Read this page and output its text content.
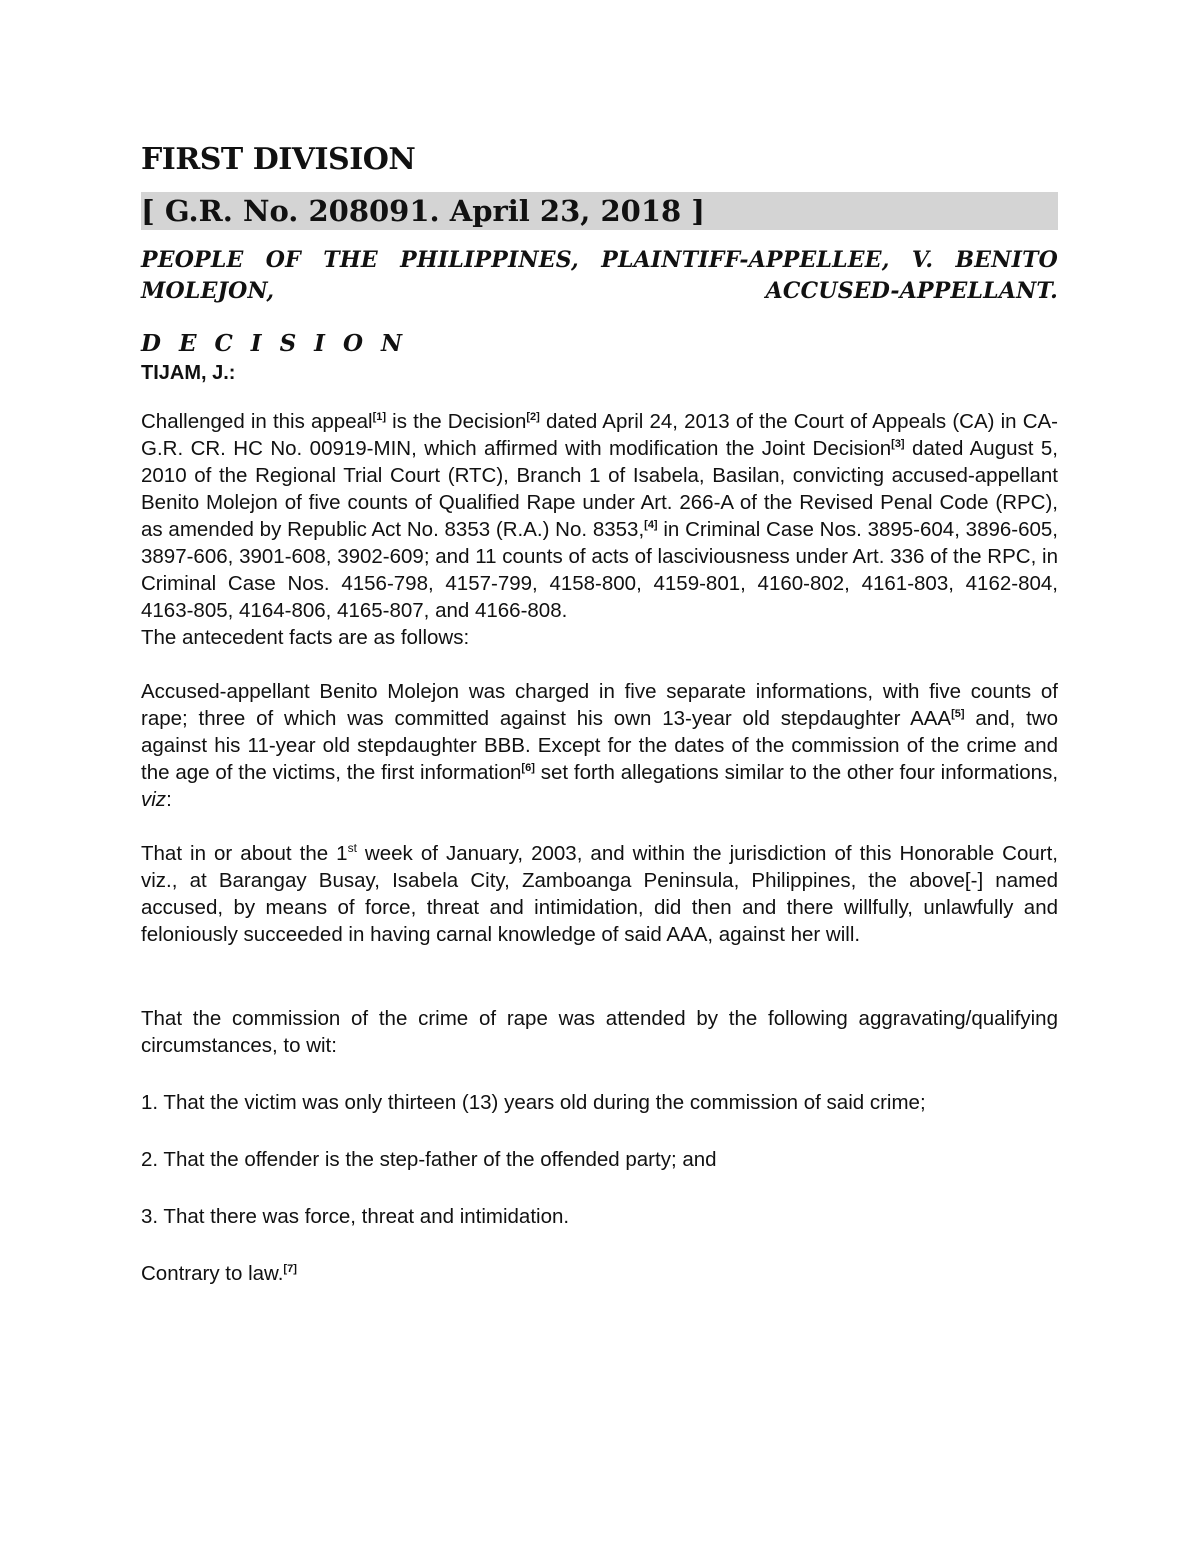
FIRST DIVISION
[ G.R. No. 208091. April 23, 2018 ]
PEOPLE OF THE PHILIPPINES, PLAINTIFF-APPELLEE, V. BENITO MOLEJON, ACCUSED-APPELLANT.
D E C I S I O N
TIJAM, J.:

Challenged in this appeal[1] is the Decision[2] dated April 24, 2013 of the Court of Appeals (CA) in CA-G.R. CR. HC No. 00919-MIN, which affirmed with modification the Joint Decision[3] dated August 5, 2010 of the Regional Trial Court (RTC), Branch 1 of Isabela, Basilan, convicting accused-appellant Benito Molejon of five counts of Qualified Rape under Art. 266-A of the Revised Penal Code (RPC), as amended by Republic Act No. 8353 (R.A.) No. 8353,[4] in Criminal Case Nos. 3895-604, 3896-605, 3897-606, 3901-608, 3902-609; and 11 counts of acts of lasciviousness under Art. 336 of the RPC, in Criminal Case Nos. 4156-798, 4157-799, 4158-800, 4159-801, 4160-802, 4161-803, 4162-804, 4163-805, 4164-806, 4165-807, and 4166-808.

The antecedent facts are as follows:

Accused-appellant Benito Molejon was charged in five separate informations, with five counts of rape; three of which was committed against his own 13-year old stepdaughter AAA[5] and, two against his 11-year old stepdaughter BBB. Except for the dates of the commission of the crime and the age of the victims, the first information[6] set forth allegations similar to the other four informations, viz:

That in or about the 1st week of January, 2003, and within the jurisdiction of this Honorable Court, viz., at Barangay Busay, Isabela City, Zamboanga Peninsula, Philippines, the above[-] named accused, by means of force, threat and intimidation, did then and there willfully, unlawfully and feloniously succeeded in having carnal knowledge of said AAA, against her will.

That the commission of the crime of rape was attended by the following aggravating/qualifying circumstances, to wit:

1. That the victim was only thirteen (13) years old during the commission of said crime;

2. That the offender is the step-father of the offended party; and

3. That there was force, threat and intimidation.

Contrary to law.[7]
